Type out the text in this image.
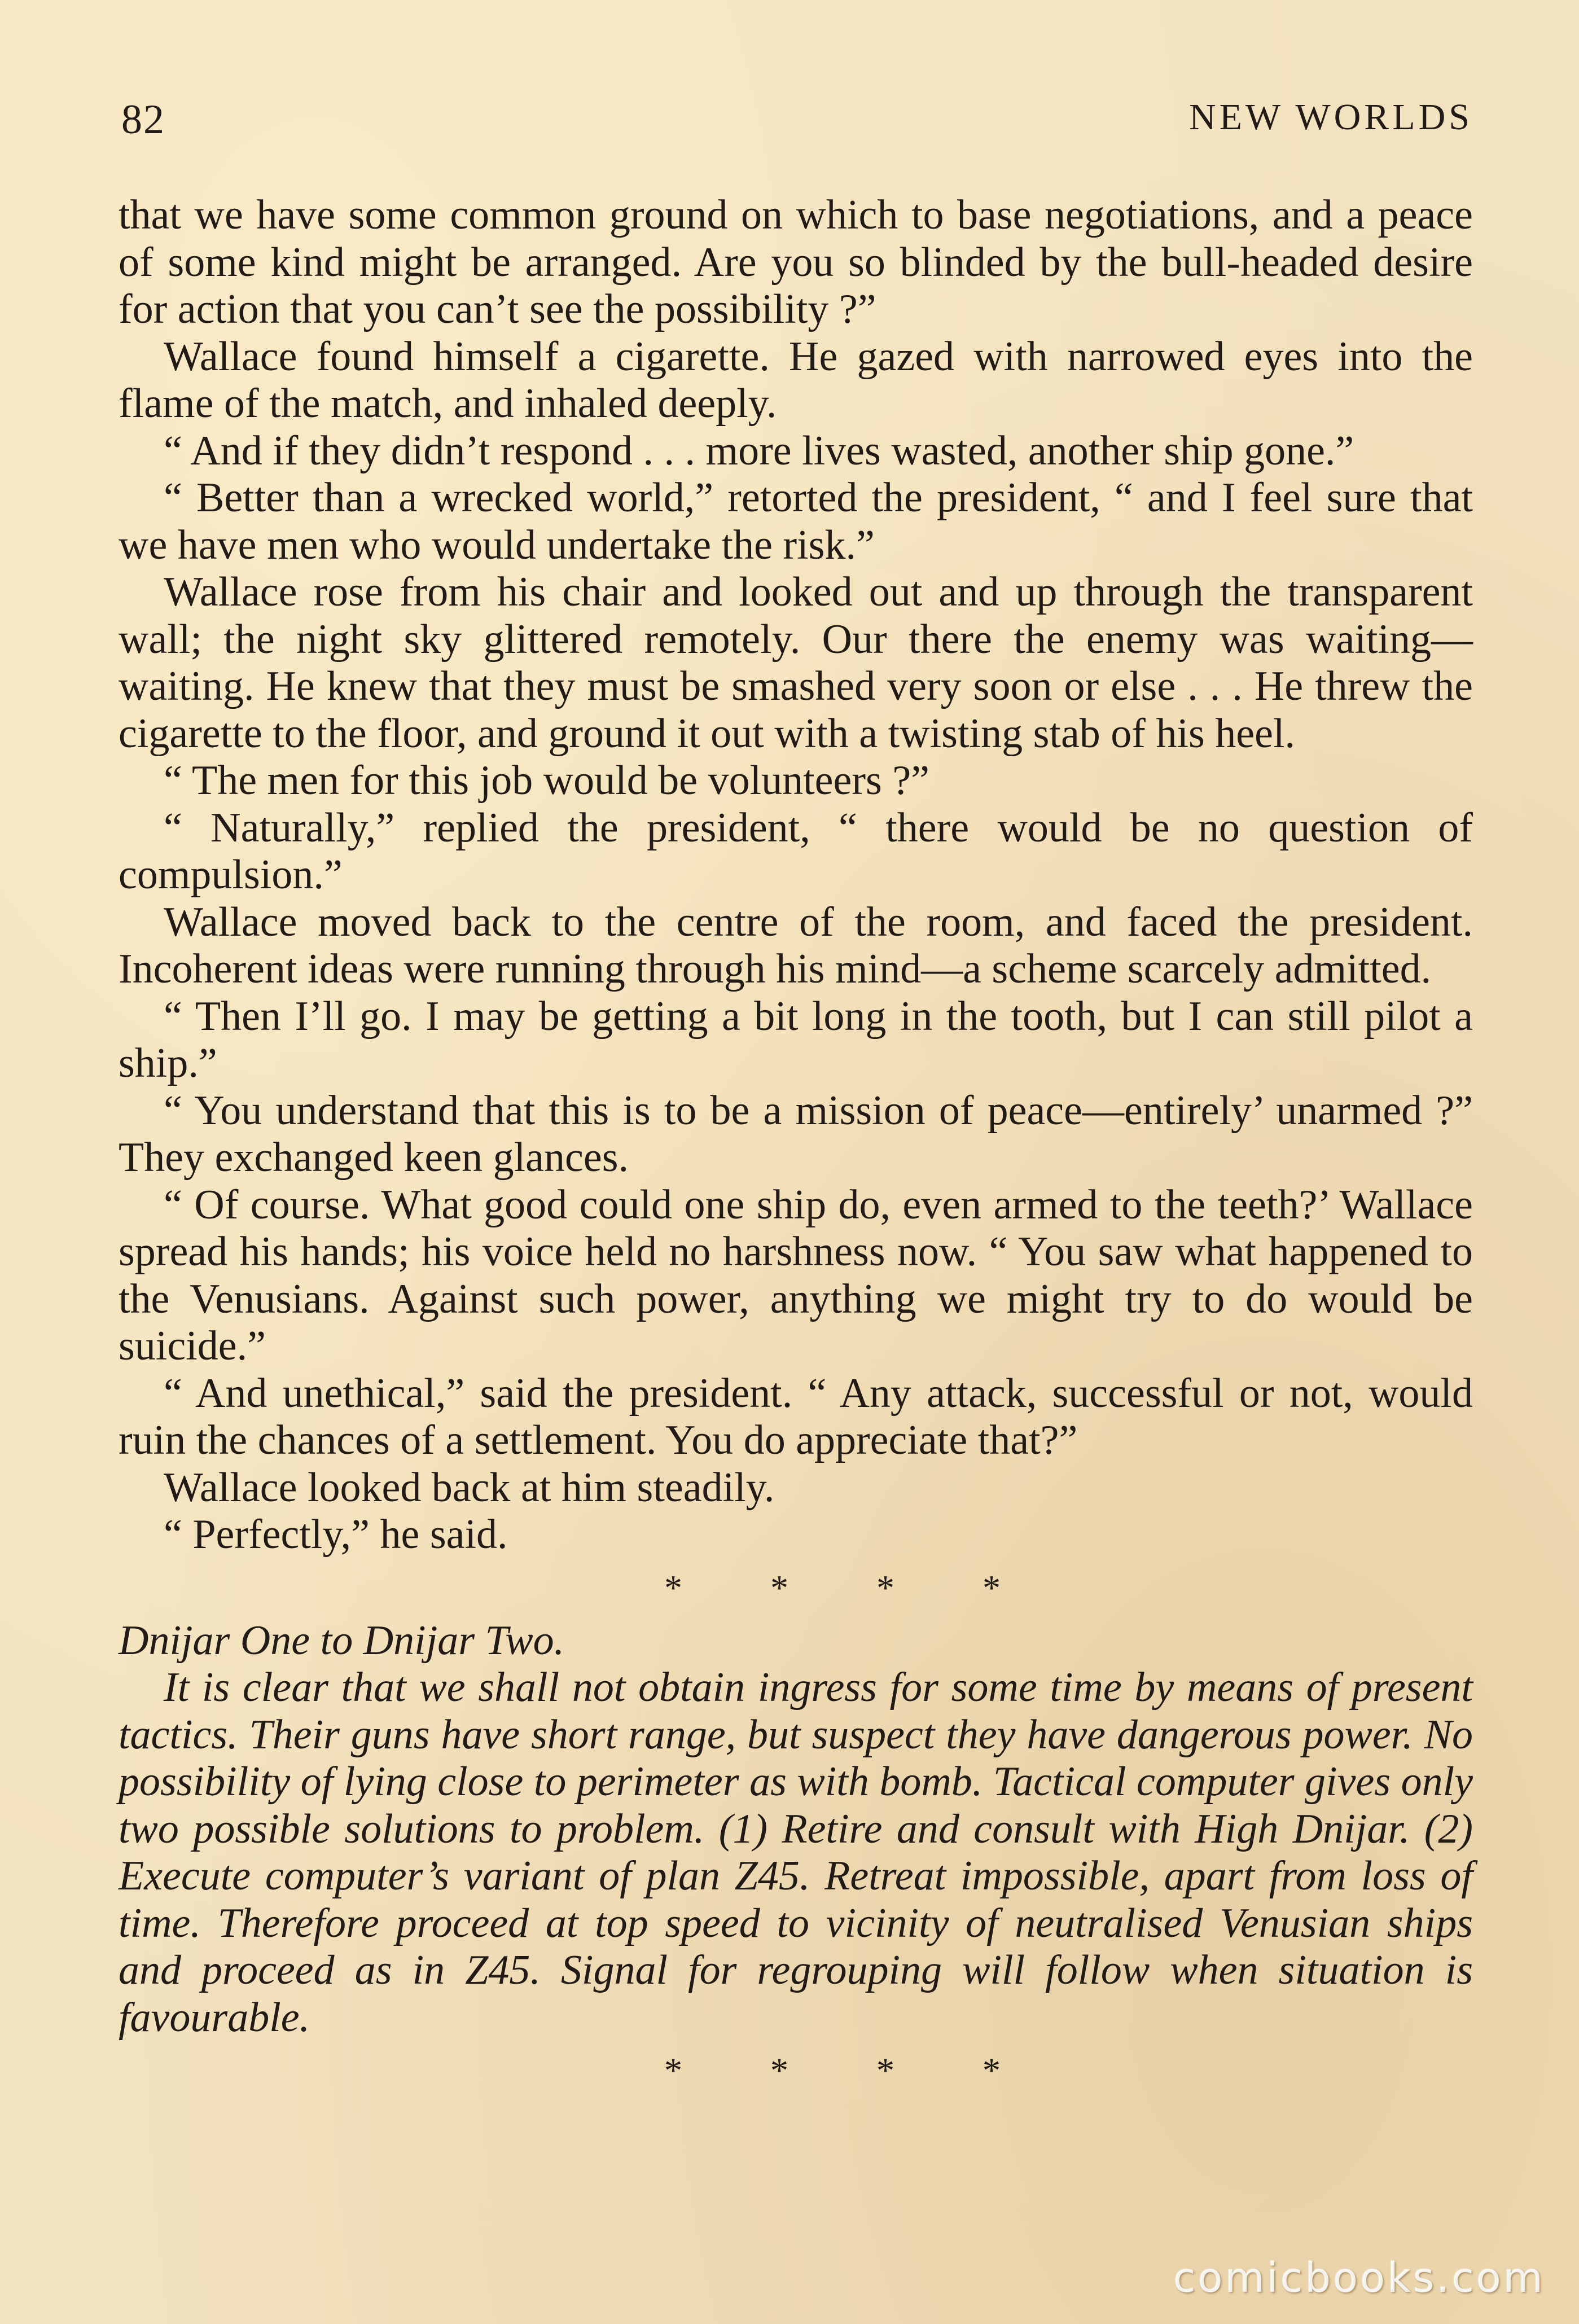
82	NEW WORLDS

that we have some common ground on which to base negotiations, and a peace of some kind might be arranged. Are you so blinded by the bull-headed desire for action that you can’t see the possibility ?”

Wallace found himself a cigarette. He gazed with narrowed eyes into the flame of the match, and inhaled deeply.

“ And if they didn’t respond . . . more lives wasted, another ship gone.”

“ Better than a wrecked world,” retorted the president, “ and I feel sure that we have men who would undertake the risk.”

Wallace rose from his chair and looked out and up through the transparent wall; the night sky glittered remotely. Our there the enemy was waiting—waiting. He knew that they must be smashed very soon or else . . . He threw the cigarette to the floor, and ground it out with a twisting stab of his heel.

“ The men for this job would be volunteers ?”

“ Naturally,” replied the president, “ there would be no question of compulsion.”

Wallace moved back to the centre of the room, and faced the president. Incoherent ideas were running through his mind—a scheme scarcely admitted.

“ Then I’ll go. I may be getting a bit long in the tooth, but I can still pilot a ship.”

“ You understand that this is to be a mission of peace—entirely’ unarmed ?” They exchanged keen glances.

“ Of course. What good could one ship do, even armed to the teeth?’ Wallace spread his hands; his voice held no harshness now. “ You saw what happened to the Venusians. Against such power, anything we might try to do would be suicide.”

“ And unethical,” said the president. “ Any attack, successful or not, would ruin the chances of a settlement. You do appreciate that?”

Wallace looked back at him steadily.

“ Perfectly,” he said.

* * * *

Dnijar One to Dnijar Two.

It is clear that we shall not obtain ingress for some time by means of present tactics. Their guns have short range, but suspect they have dangerous power. No possibility of lying close to perimeter as with bomb. Tactical computer gives only two possible solutions to problem. (1) Retire and consult with High Dnijar. (2) Execute computer’s variant of plan Z45. Retreat impossible, apart from loss of time. Therefore proceed at top speed to vicinity of neutralised Venusian ships and proceed as in Z45. Signal for regrouping will follow when situation is favourable.

* * * *

comicbooks.com
